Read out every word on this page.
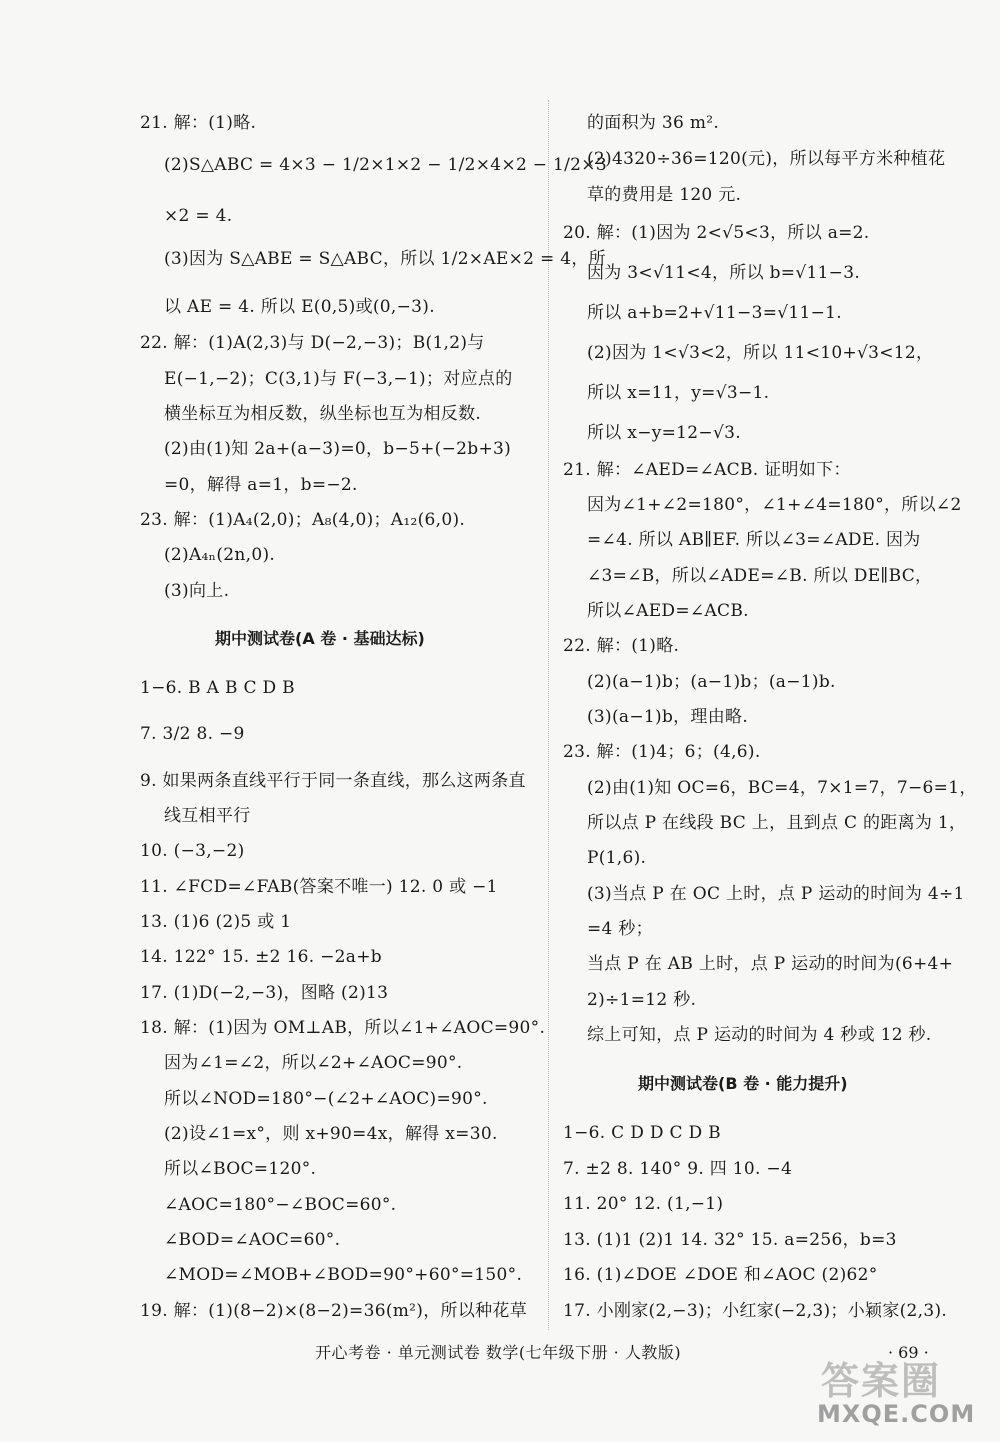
21. 解：(1)略.
(2)S△ABC = 4×3 − 1/2×1×2 − 1/2×4×2 − 1/2×3
×2 = 4.
(3)因为 S△ABE = S△ABC，所以 1/2×AE×2 = 4，所
以 AE = 4. 所以 E(0,5)或(0,−3).
22. 解：(1)A(2,3)与 D(−2,−3)；B(1,2)与
E(−1,−2)；C(3,1)与 F(−3,−1)；对应点的
横坐标互为相反数，纵坐标也互为相反数.
(2)由(1)知 2a+(a−3)=0，b−5+(−2b+3)
=0，解得 a=1，b=−2.
23. 解：(1)A₄(2,0)；A₈(4,0)；A₁₂(6,0).
(2)A₄ₙ(2n,0).
(3)向上.
期中测试卷(A 卷 · 基础达标)
1−6. B A B C D B
7. 3/2 8. −9
9. 如果两条直线平行于同一条直线，那么这两条直
线互相平行
10. (−3,−2)
11. ∠FCD=∠FAB(答案不唯一) 12. 0 或 −1
13. (1)6 (2)5 或 1
14. 122° 15. ±2 16. −2a+b
17. (1)D(−2,−3)，图略 (2)13
18. 解：(1)因为 OM⊥AB，所以∠1+∠AOC=90°.
因为∠1=∠2，所以∠2+∠AOC=90°.
所以∠NOD=180°−(∠2+∠AOC)=90°.
(2)设∠1=x°，则 x+90=4x，解得 x=30.
所以∠BOC=120°.
∠AOC=180°−∠BOC=60°.
∠BOD=∠AOC=60°.
∠MOD=∠MOB+∠BOD=90°+60°=150°.
19. 解：(1)(8−2)×(8−2)=36(m²)，所以种花草
的面积为 36 m².
(2)4320÷36=120(元)，所以每平方米种植花
草的费用是 120 元.
20. 解：(1)因为 2<√5<3，所以 a=2.
因为 3<√11<4，所以 b=√11−3.
所以 a+b=2+√11−3=√11−1.
(2)因为 1<√3<2，所以 11<10+√3<12，
所以 x=11，y=√3−1.
所以 x−y=12−√3.
21. 解：∠AED=∠ACB. 证明如下：
因为∠1+∠2=180°，∠1+∠4=180°，所以∠2
=∠4. 所以 AB∥EF. 所以∠3=∠ADE. 因为
∠3=∠B，所以∠ADE=∠B. 所以 DE∥BC，
所以∠AED=∠ACB.
22. 解：(1)略.
(2)(a−1)b；(a−1)b；(a−1)b.
(3)(a−1)b，理由略.
23. 解：(1)4；6；(4,6).
(2)由(1)知 OC=6，BC=4，7×1=7，7−6=1，
所以点 P 在线段 BC 上，且到点 C 的距离为 1，
P(1,6).
(3)当点 P 在 OC 上时，点 P 运动的时间为 4÷1
=4 秒；
当点 P 在 AB 上时，点 P 运动的时间为(6+4+
2)÷1=12 秒.
综上可知，点 P 运动的时间为 4 秒或 12 秒.
期中测试卷(B 卷 · 能力提升)
1−6. C D D C D B
7. ±2 8. 140° 9. 四 10. −4
11. 20° 12. (1,−1)
13. (1)1 (2)1 14. 32° 15. a=256，b=3
16. (1)∠DOE ∠DOE 和∠AOC (2)62°
17. 小刚家(2,−3)；小红家(−2,3)；小颖家(2,3).
开心考卷 · 单元测试卷 数学(七年级下册 · 人教版)	· 69 ·
答案圈
MXQE.COM
